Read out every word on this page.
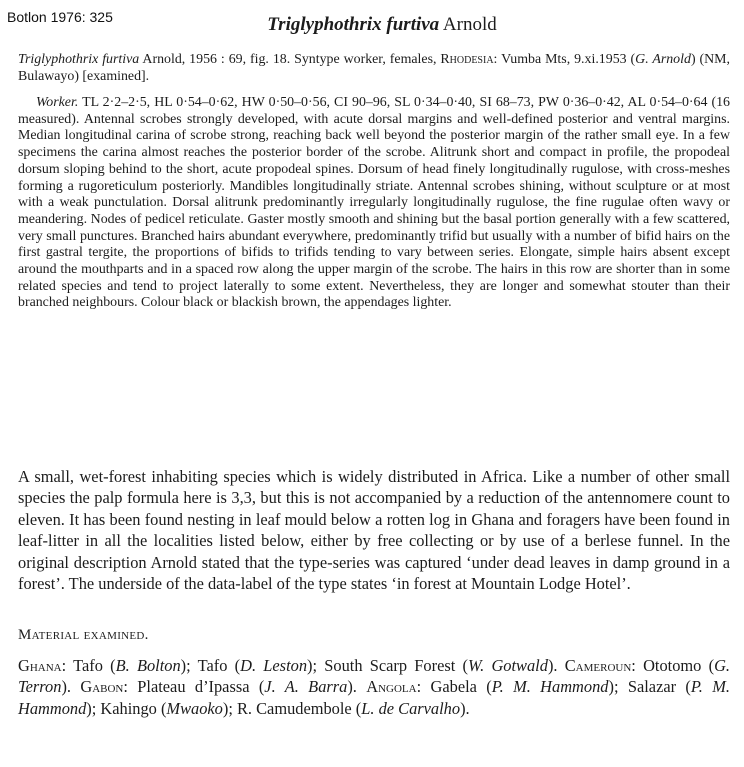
Botlon 1976: 325	Triglyphothrix furtiva Arnold

Triglyphothrix furtiva Arnold, 1956 : 69, fig. 18. Syntype worker, females, Rhodesia: Vumba Mts, 9.xi.1953 (G. Arnold) (NM, Bulawayo) [examined].

Worker. TL 2·2–2·5, HL 0·54–0·62, HW 0·50–0·56, CI 90–96, SL 0·34–0·40, SI 68–73, PW 0·36–0·42, AL 0·54–0·64 (16 measured). Antennal scrobes strongly developed, with acute dorsal margins and well-defined posterior and ventral margins. Median longitudinal carina of scrobe strong, reaching back well beyond the posterior margin of the rather small eye. In a few specimens the carina almost reaches the posterior border of the scrobe. Alitrunk short and compact in profile, the propodeal dorsum sloping behind to the short, acute propodeal spines. Dorsum of head finely longitudinally rugulose, with cross-meshes forming a rugoreticulum posteriorly. Mandibles longitudinally striate. Antennal scrobes shining, without sculpture or at most with a weak punctulation. Dorsal alitrunk predominantly irregularly longitudinally rugulose, the fine rugulae often wavy or meandering. Nodes of pedicel reticulate. Gaster mostly smooth and shining but the basal portion generally with a few scattered, very small punctures. Branched hairs abundant everywhere, predominantly trifid but usually with a number of bifid hairs on the first gastral tergite, the proportions of bifids to trifids tending to vary between series. Elongate, simple hairs absent except around the mouthparts and in a spaced row along the upper margin of the scrobe. The hairs in this row are shorter than in some related species and tend to project laterally to some extent. Nevertheless, they are longer and somewhat stouter than their branched neighbours. Colour black or blackish brown, the appendages lighter.

A small, wet-forest inhabiting species which is widely distributed in Africa. Like a number of other small species the palp formula here is 3,3, but this is not accompanied by a reduction of the antennomere count to eleven. It has been found nesting in leaf mould below a rotten log in Ghana and foragers have been found in leaf-litter in all the localities listed below, either by free collecting or by use of a berlese funnel. In the original description Arnold stated that the type-series was captured ‘under dead leaves in damp ground in a forest’. The underside of the data-label of the type states ‘in forest at Mountain Lodge Hotel’.

Material examined.

Ghana: Tafo (B. Bolton); Tafo (D. Leston); South Scarp Forest (W. Gotwald). Cameroun: Ototomo (G. Terron). Gabon: Plateau d’Ipassa (J. A. Barra). Angola: Gabela (P. M. Hammond); Salazar (P. M. Hammond); Kahingo (Mwaoko); R. Camudembole (L. de Carvalho).
